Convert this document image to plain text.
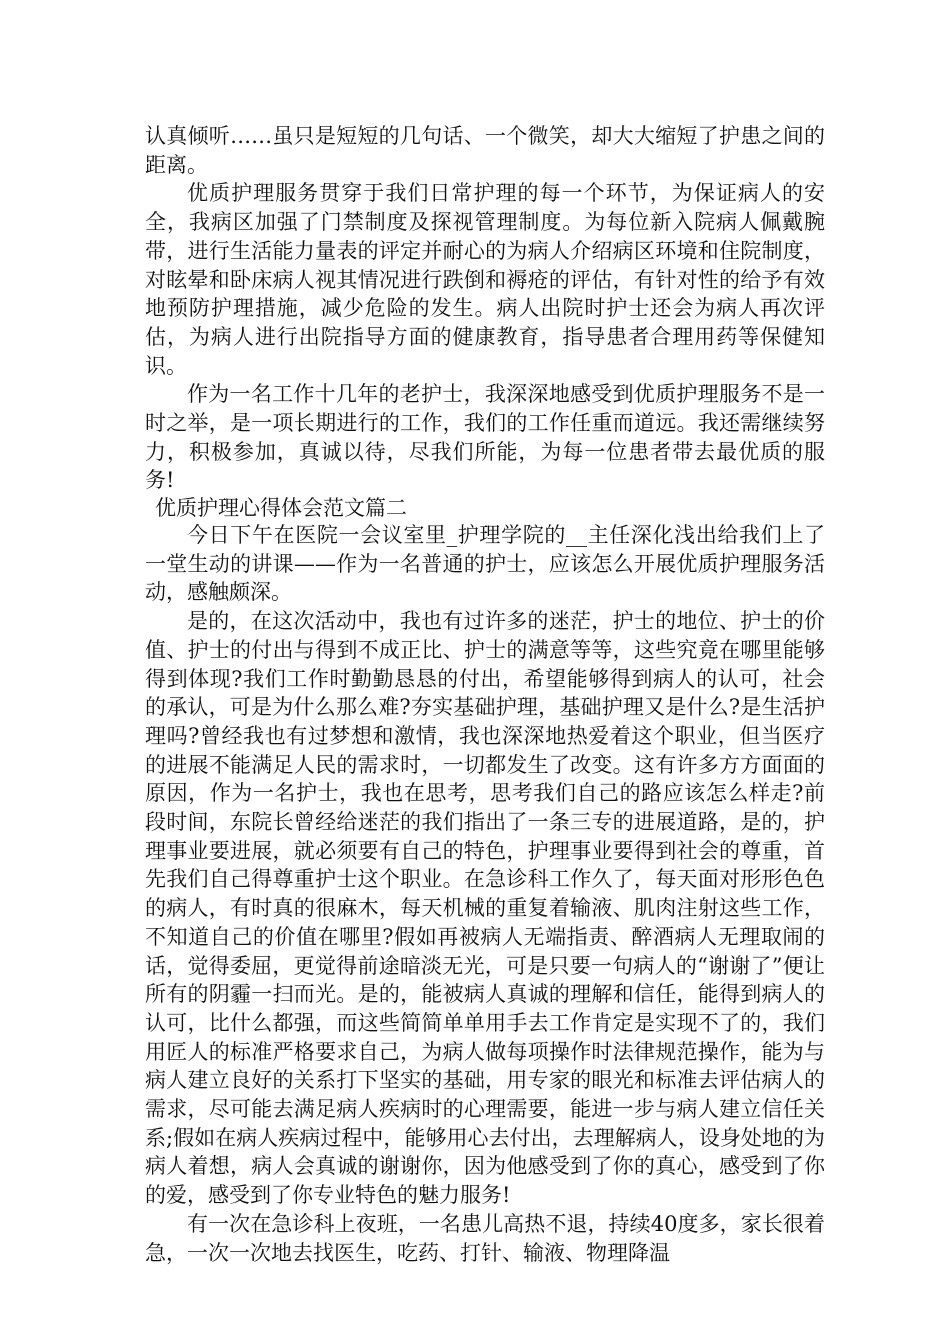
认真倾听……虽只是短短的几句话、一个微笑，却大大缩短了护患之间的距离。

优质护理服务贯穿于我们日常护理的每一个环节，为保证病人的安全，我病区加强了门禁制度及探视管理制度。为每位新入院病人佩戴腕带，进行生活能力量表的评定并耐心的为病人介绍病区环境和住院制度，对眩晕和卧床病人视其情况进行跌倒和褥疮的评估，有针对性的给予有效地预防护理措施，减少危险的发生。病人出院时护士还会为病人再次评估，为病人进行出院指导方面的健康教育，指导患者合理用药等保健知识。

作为一名工作十几年的老护士，我深深地感受到优质护理服务不是一时之举，是一项长期进行的工作，我们的工作任重而道远。我还需继续努力，积极参加，真诚以待，尽我们所能，为每一位患者带去最优质的服务!

优质护理心得体会范文篇二

今日下午在医院一会议室里_护理学院的__主任深化浅出给我们上了一堂生动的讲课——作为一名普通的护士，应该怎么开展优质护理服务活动，感触颇深。

是的，在这次活动中，我也有过许多的迷茫，护士的地位、护士的价值、护士的付出与得到不成正比、护士的满意等等，这些究竟在哪里能够得到体现?我们工作时勤勤恳恳的付出，希望能够得到病人的认可，社会的承认，可是为什么那么难?夯实基础护理，基础护理又是什么?是生活护理吗?曾经我也有过梦想和激情，我也深深地热爱着这个职业，但当医疗的进展不能满足人民的需求时，一切都发生了改变。这有许多方方面面的原因，作为一名护士，我也在思考，思考我们自己的路应该怎么样走?前段时间，东院长曾经给迷茫的我们指出了一条三专的进展道路，是的，护理事业要进展，就必须要有自己的特色，护理事业要得到社会的尊重，首先我们自己得尊重护士这个职业。在急诊科工作久了，每天面对形形色色的病人，有时真的很麻木，每天机械的重复着输液、肌肉注射这些工作，不知道自己的价值在哪里?假如再被病人无端指责、醉酒病人无理取闹的话，觉得委屈，更觉得前途暗淡无光，可是只要一句病人的“谢谢了”便让所有的阴霾一扫而光。是的，能被病人真诚的理解和信任，能得到病人的认可，比什么都强，而这些简简单单用手去工作肯定是实现不了的，我们用匠人的标准严格要求自己，为病人做每项操作时法律规范操作，能为与病人建立良好的关系打下坚实的基础，用专家的眼光和标准去评估病人的需求，尽可能去满足病人疾病时的心理需要，能进一步与病人建立信任关系;假如在病人疾病过程中，能够用心去付出，去理解病人，设身处地的为病人着想，病人会真诚的谢谢你，因为他感受到了你的真心，感受到了你的爱，感受到了你专业特色的魅力服务!

有一次在急诊科上夜班，一名患儿高热不退，持续40度多，家长很着急，一次一次地去找医生，吃药、打针、输液、物理降温
